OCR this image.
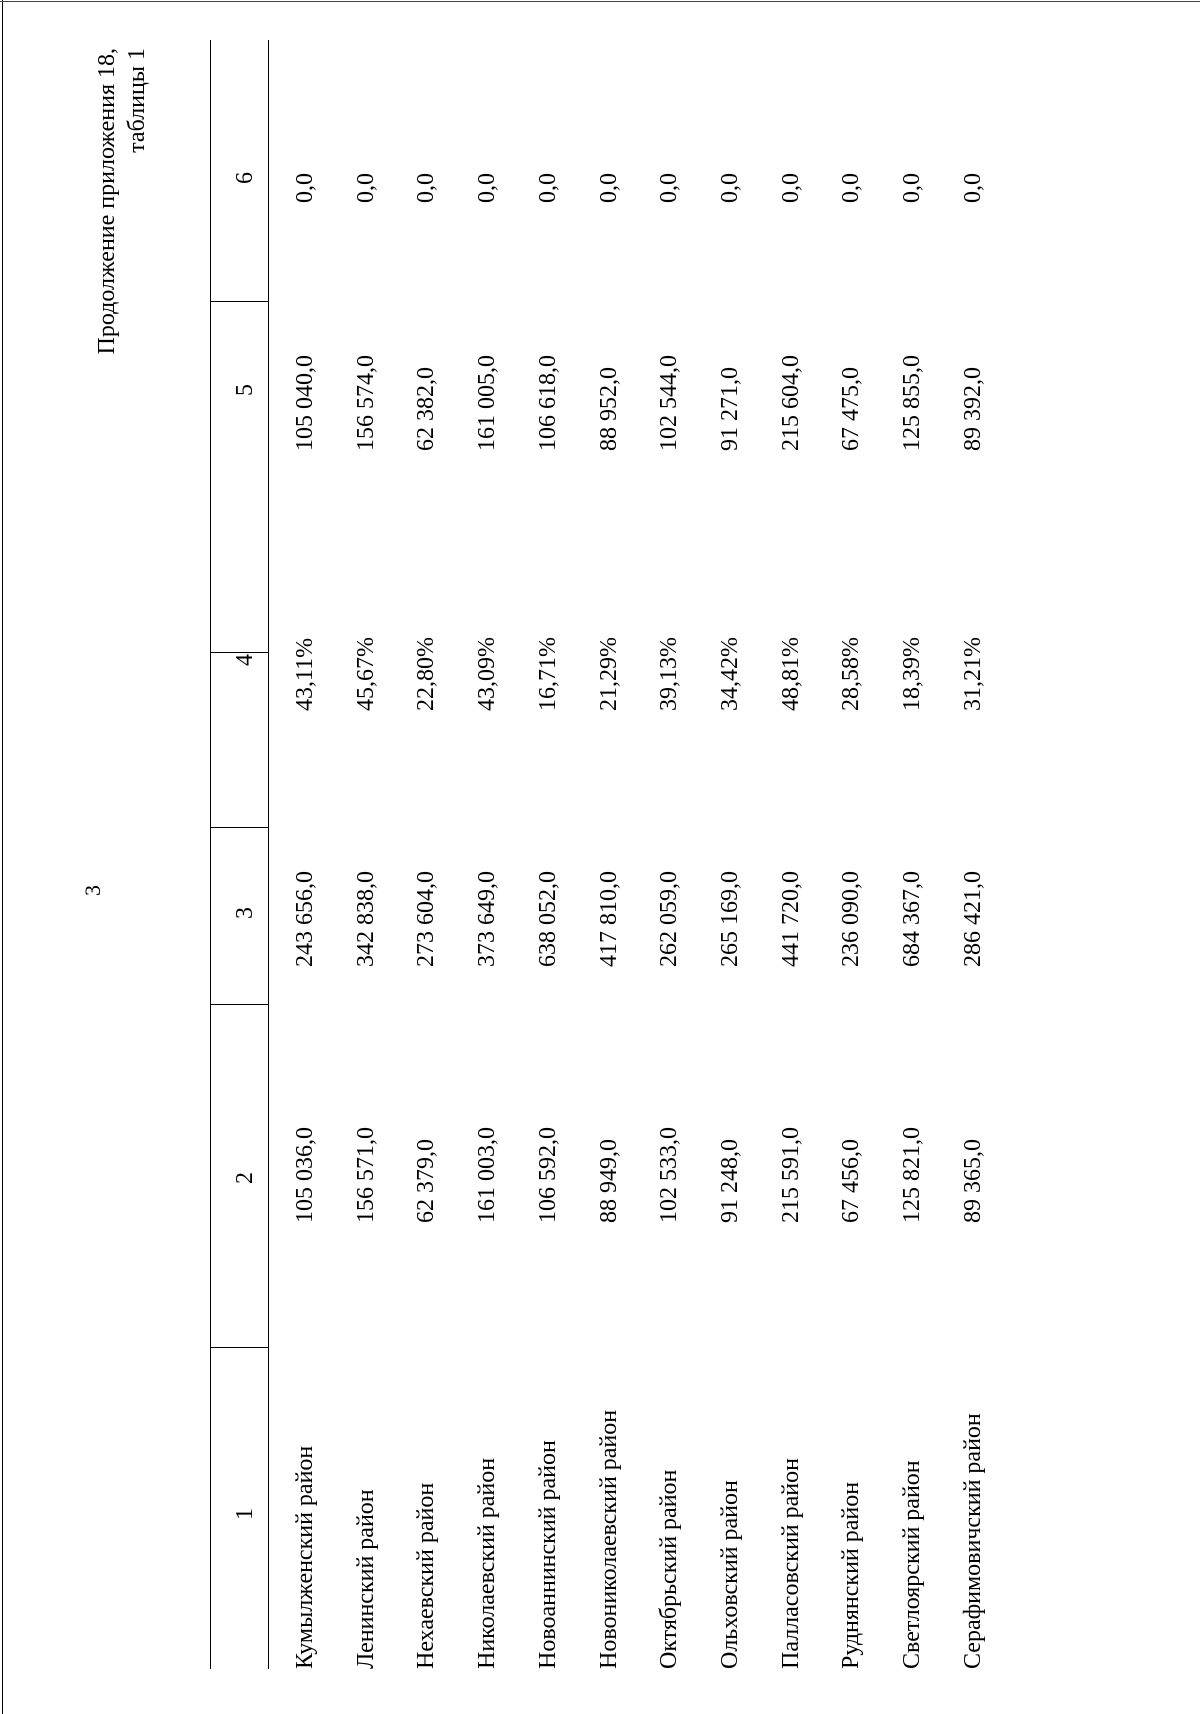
3
Продолжение приложения 18, таблицы 1
1
2
3
4
5
6
Кумылженский район
105 036,0
243 656,0
43,11%
105 040,0
0,0
Ленинский район
156 571,0
342 838,0
45,67%
156 574,0
0,0
Нехаевский район
62 379,0
273 604,0
22,80%
62 382,0
0,0
Николаевский район
161 003,0
373 649,0
43,09%
161 005,0
0,0
Новоаннинский район
106 592,0
638 052,0
16,71%
106 618,0
0,0
Новониколаевский район
88 949,0
417 810,0
21,29%
88 952,0
0,0
Октябрьский район
102 533,0
262 059,0
39,13%
102 544,0
0,0
Ольховский район
91 248,0
265 169,0
34,42%
91 271,0
0,0
Палласовский район
215 591,0
441 720,0
48,81%
215 604,0
0,0
Руднянский район
67 456,0
236 090,0
28,58%
67 475,0
0,0
Светлоярский район
125 821,0
684 367,0
18,39%
125 855,0
0,0
Серафимовичский район
89 365,0
286 421,0
31,21%
89 392,0
0,0
